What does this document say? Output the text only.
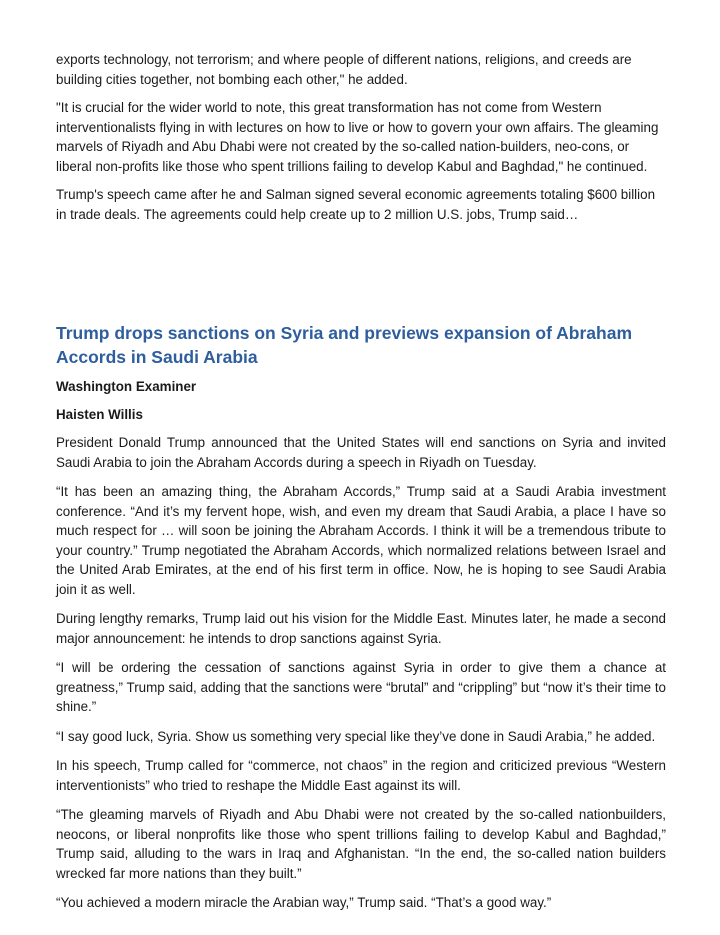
exports technology, not terrorism; and where people of different nations, religions, and creeds are building cities together, not bombing each other," he added.

"It is crucial for the wider world to note, this great transformation has not come from Western interventionalists flying in with lectures on how to live or how to govern your own affairs. The gleaming marvels of Riyadh and Abu Dhabi were not created by the so-called nation-builders, neo-cons, or liberal non-profits like those who spent trillions failing to develop Kabul and Baghdad," he continued.

Trump's speech came after he and Salman signed several economic agreements totaling $600 billion in trade deals. The agreements could help create up to 2 million U.S. jobs, Trump said…

Trump drops sanctions on Syria and previews expansion of Abraham Accords in Saudi Arabia
Washington Examiner
Haisten Willis

President Donald Trump announced that the United States will end sanctions on Syria and invited Saudi Arabia to join the Abraham Accords during a speech in Riyadh on Tuesday.

“It has been an amazing thing, the Abraham Accords,” Trump said at a Saudi Arabia investment conference. “And it’s my fervent hope, wish, and even my dream that Saudi Arabia, a place I have so much respect for … will soon be joining the Abraham Accords. I think it will be a tremendous tribute to your country.” Trump negotiated the Abraham Accords, which normalized relations between Israel and the United Arab Emirates, at the end of his first term in office. Now, he is hoping to see Saudi Arabia join it as well.

During lengthy remarks, Trump laid out his vision for the Middle East. Minutes later, he made a second major announcement: he intends to drop sanctions against Syria.

“I will be ordering the cessation of sanctions against Syria in order to give them a chance at greatness,” Trump said, adding that the sanctions were “brutal” and “crippling” but “now it’s their time to shine.”

“I say good luck, Syria. Show us something very special like they’ve done in Saudi Arabia,” he added.

In his speech, Trump called for “commerce, not chaos” in the region and criticized previous “Western interventionists” who tried to reshape the Middle East against its will.

“The gleaming marvels of Riyadh and Abu Dhabi were not created by the so-called nationbuilders, neocons, or liberal nonprofits like those who spent trillions failing to develop Kabul and Baghdad,” Trump said, alluding to the wars in Iraq and Afghanistan. “In the end, the so-called nation builders wrecked far more nations than they built.”

“You achieved a modern miracle the Arabian way,” Trump said. “That’s a good way.”
